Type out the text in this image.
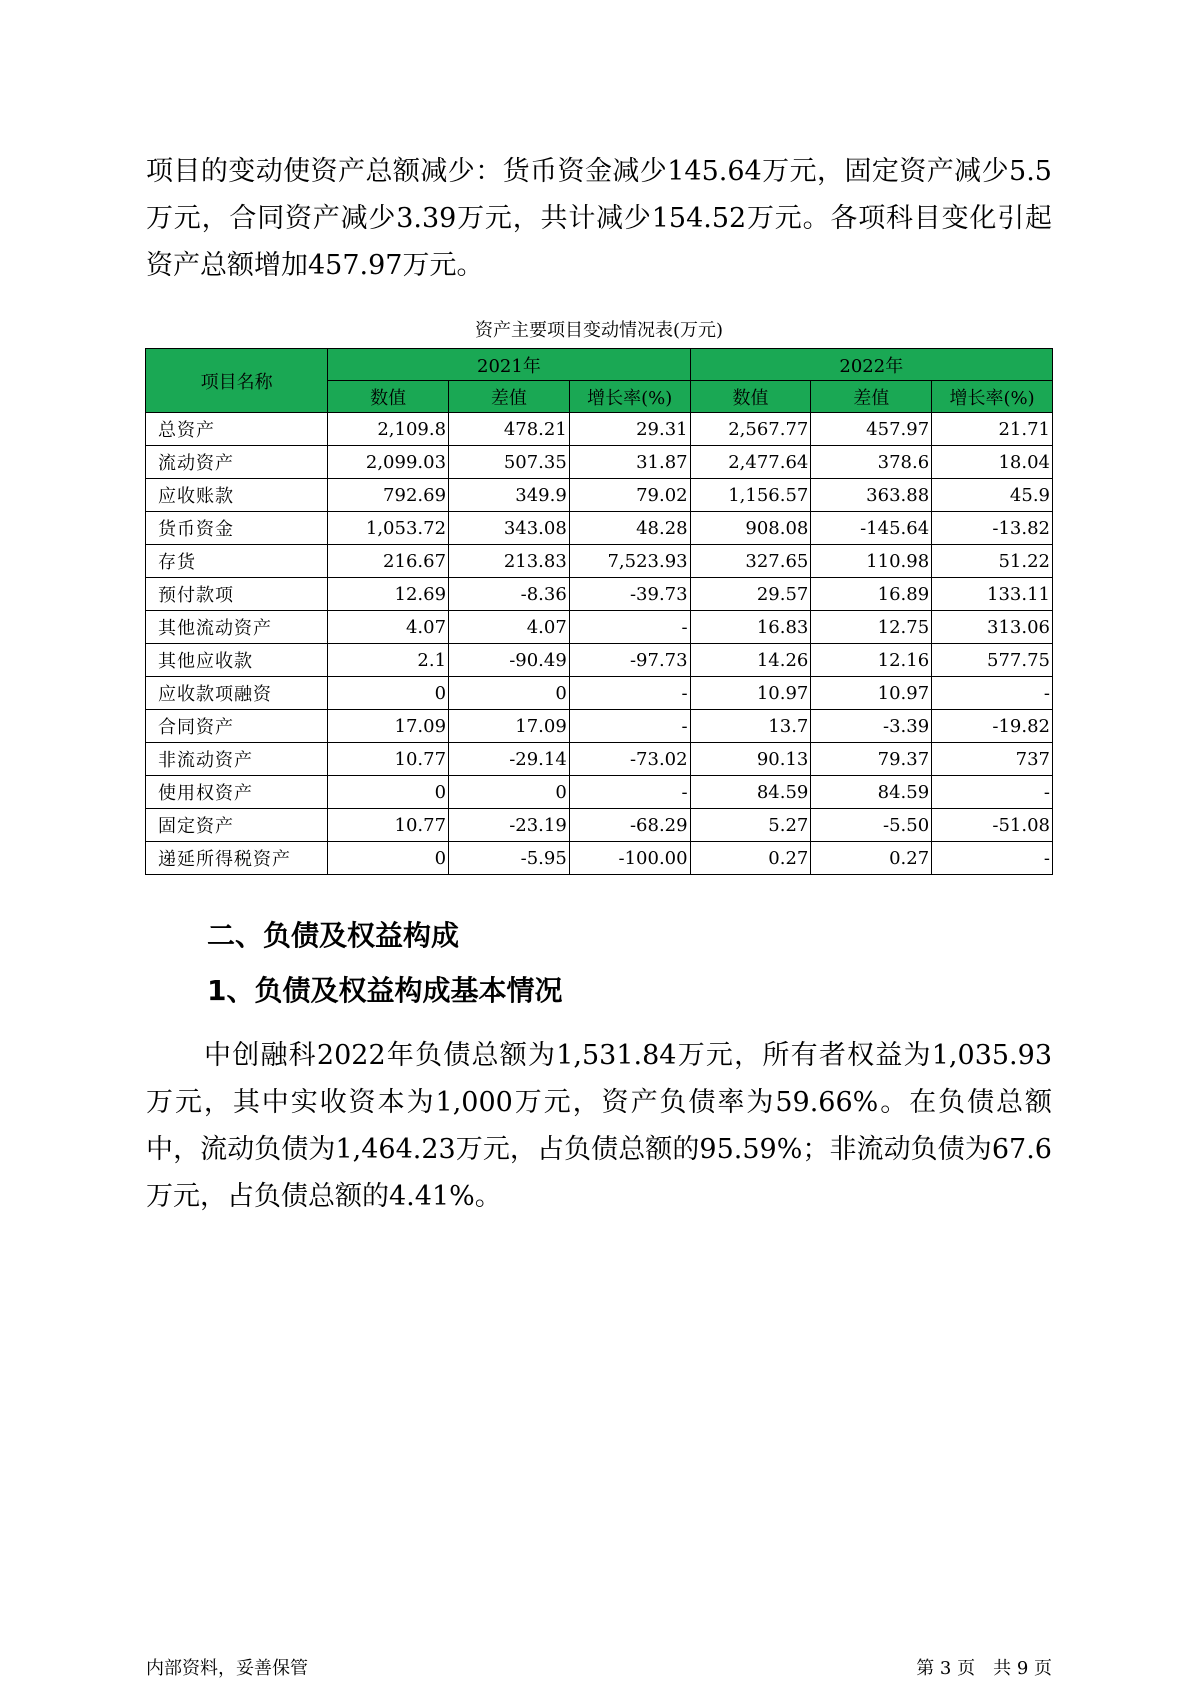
项目的变动使资产总额减少：货币资金减少145.64万元，固定资产减少5.5万元，合同资产减少3.39万元，共计减少154.52万元。各项科目变化引起资产总额增加457.97万元。

资产主要项目变动情况表(万元)
项目名称	2021年			2022年		
	数值	差值	增长率(%)	数值	差值	增长率(%)
总资产	2,109.8	478.21	29.31	2,567.77	457.97	21.71
流动资产	2,099.03	507.35	31.87	2,477.64	378.6	18.04
应收账款	792.69	349.9	79.02	1,156.57	363.88	45.9
货币资金	1,053.72	343.08	48.28	908.08	-145.64	-13.82
存货	216.67	213.83	7,523.93	327.65	110.98	51.22
预付款项	12.69	-8.36	-39.73	29.57	16.89	133.11
其他流动资产	4.07	4.07	-	16.83	12.75	313.06
其他应收款	2.1	-90.49	-97.73	14.26	12.16	577.75
应收款项融资	0	0	-	10.97	10.97	-
合同资产	17.09	17.09	-	13.7	-3.39	-19.82
非流动资产	10.77	-29.14	-73.02	90.13	79.37	737
使用权资产	0	0	-	84.59	84.59	-
固定资产	10.77	-23.19	-68.29	5.27	-5.50	-51.08
递延所得税资产	0	-5.95	-100.00	0.27	0.27	-
二、负债及权益构成
1、负债及权益构成基本情况

中创融科2022年负债总额为1,531.84万元，所有者权益为1,035.93万元，其中实收资本为1,000万元，资产负债率为59.66%。在负债总额中，流动负债为1,464.23万元，占负债总额的95.59%；非流动负债为67.6万元，占负债总额的4.41%。

内部资料，妥善保管	第 3 页　共 9 页
